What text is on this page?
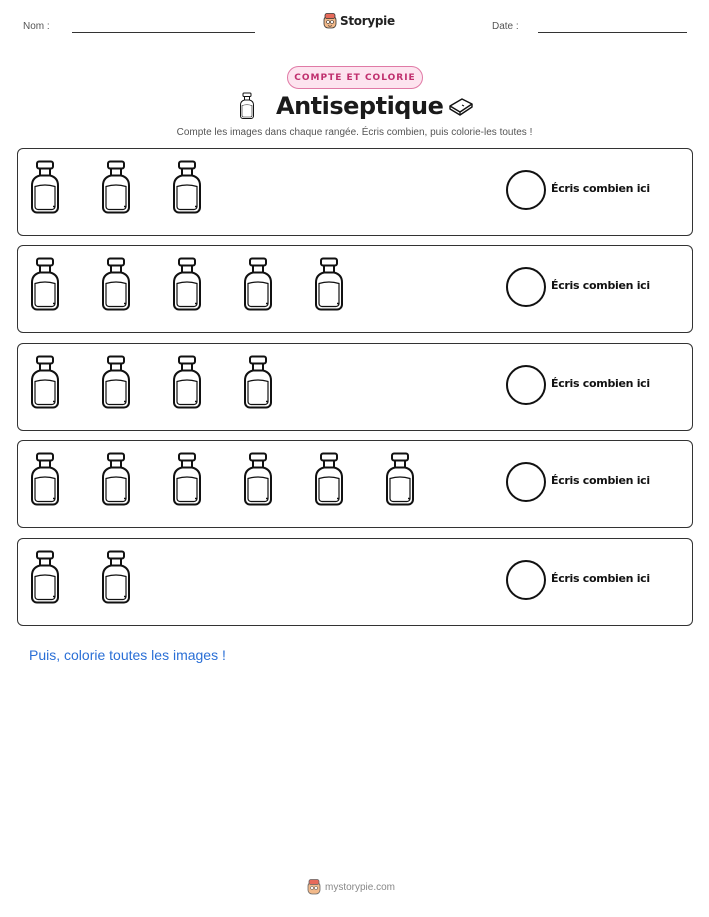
Nom :	Storypie	Date :
COMPTE ET COLORIE
Antiseptique
Compte les images dans chaque rangée. Écris combien, puis colorie-les toutes !
Écris combien ici
Écris combien ici
Écris combien ici
Écris combien ici
Écris combien ici
Puis, colorie toutes les images !
mystorypie.com
